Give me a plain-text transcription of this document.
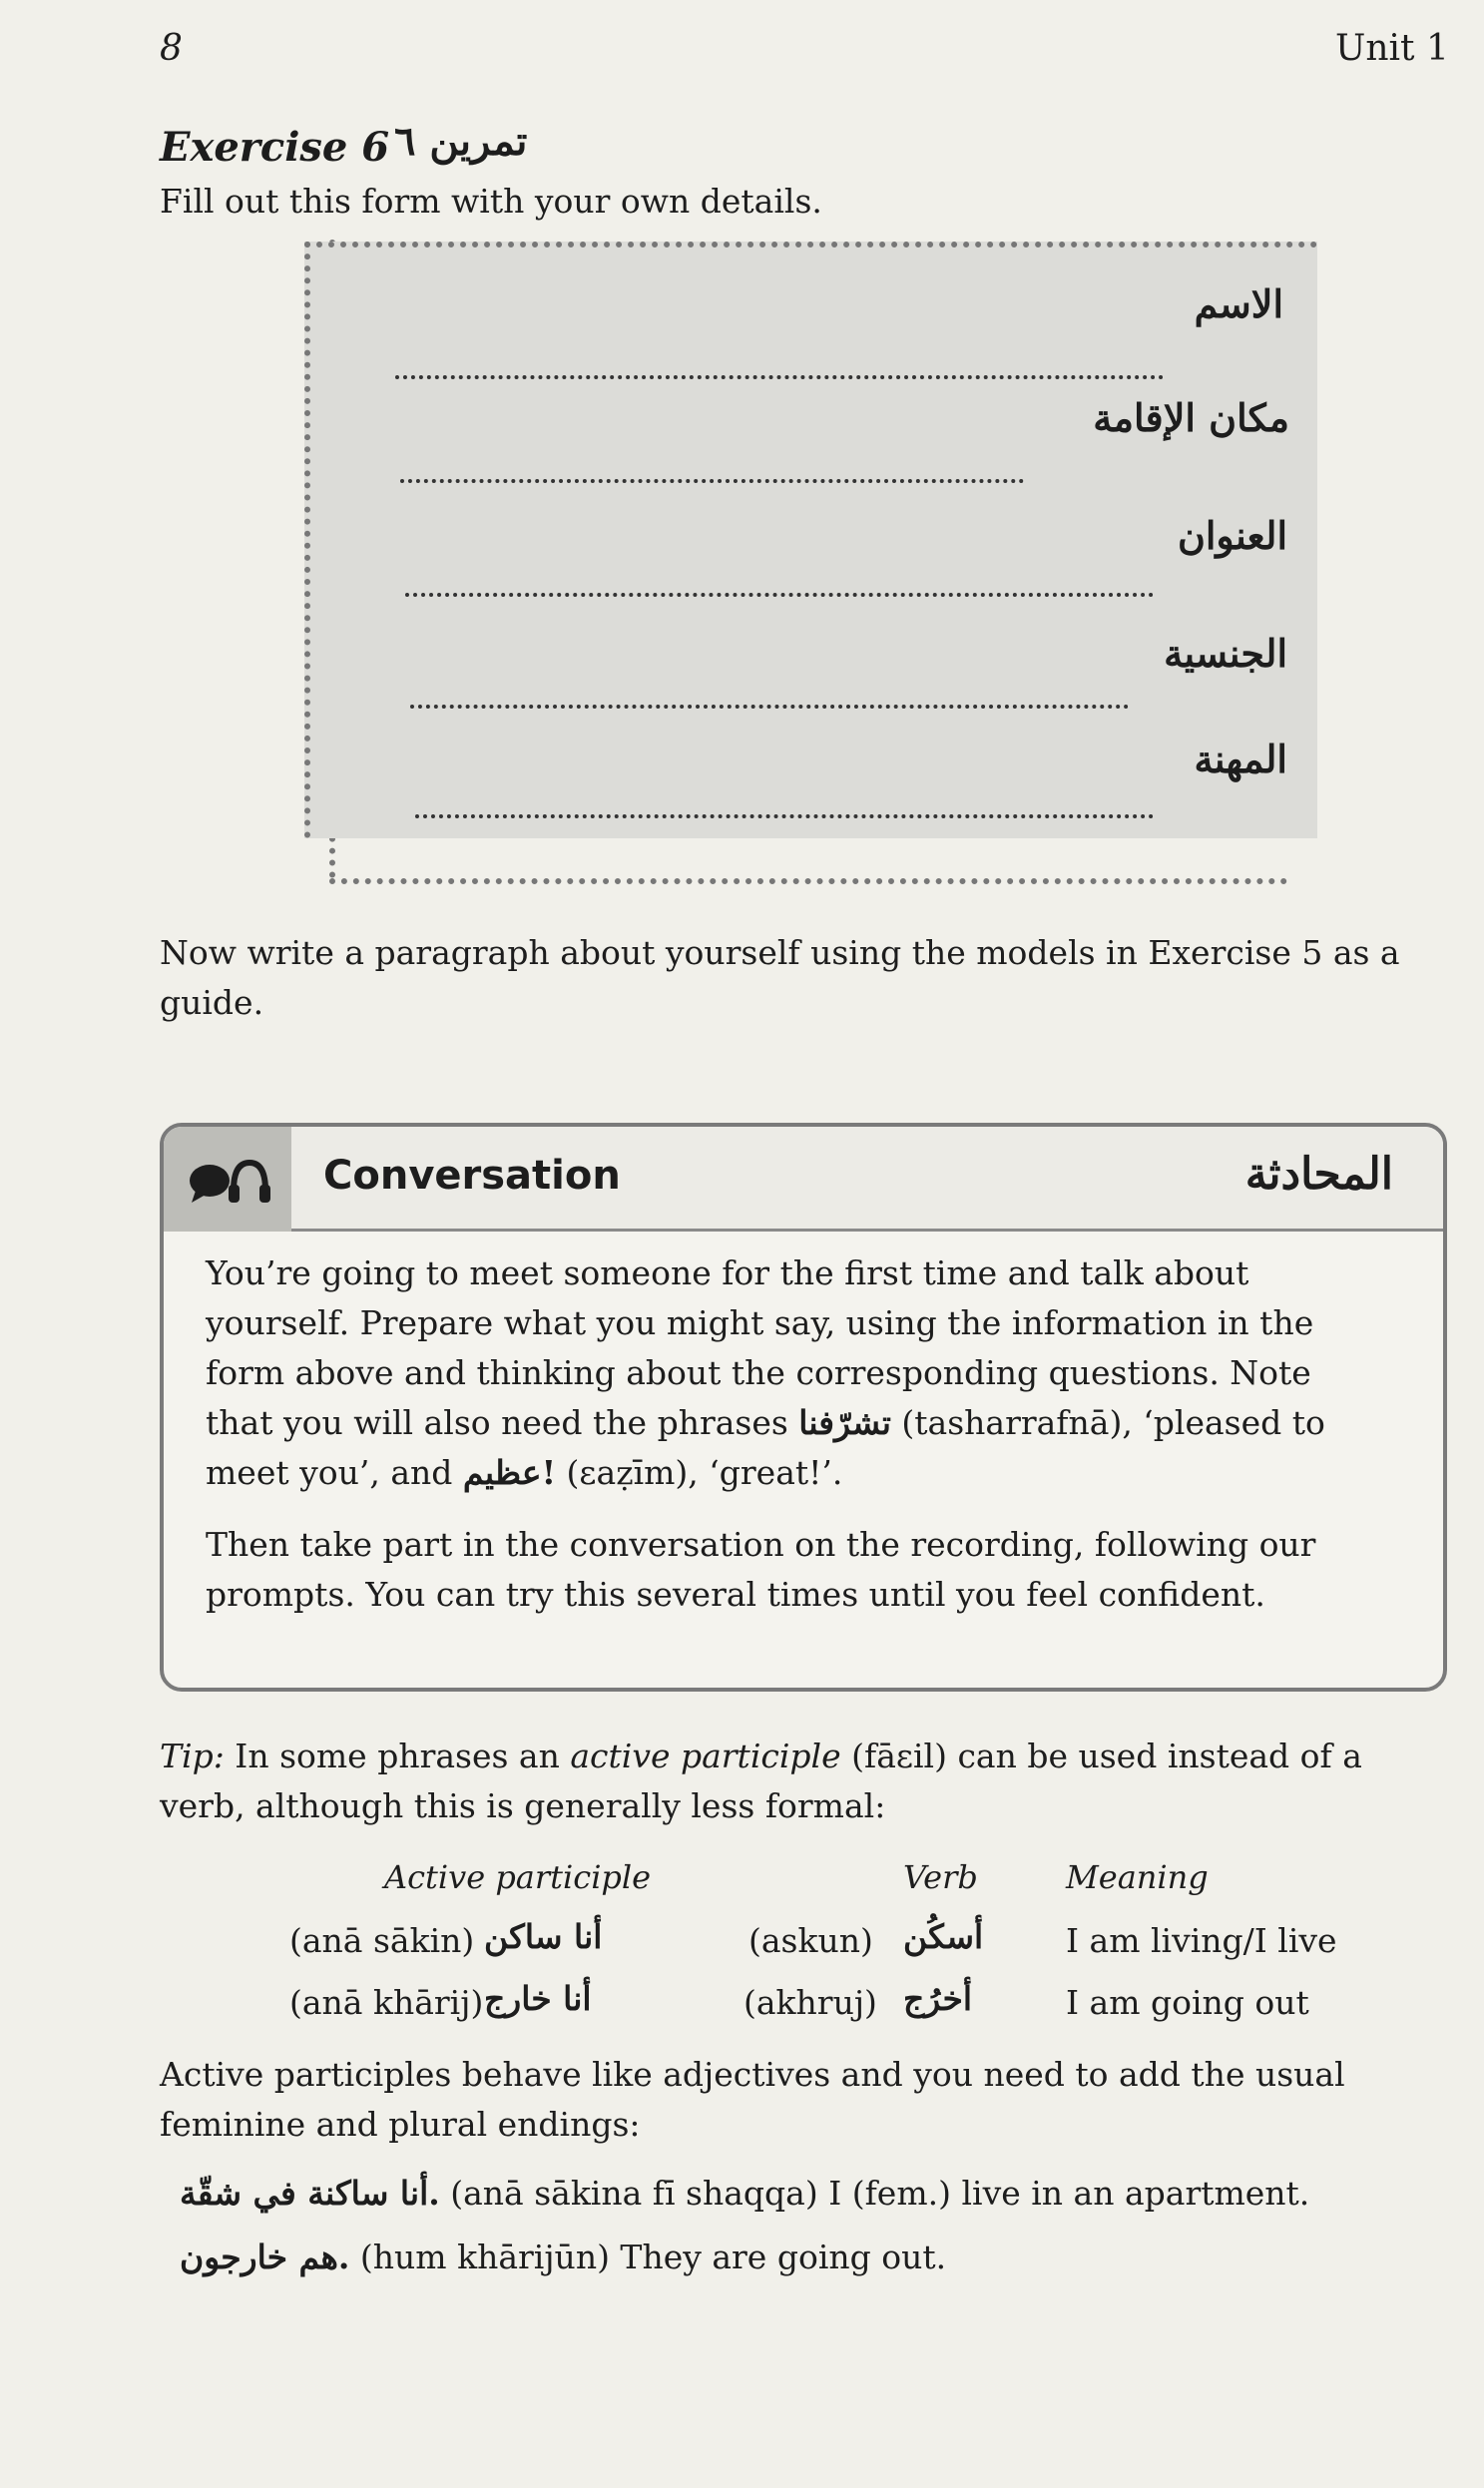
8	Unit 1
Exercise 6 تمرين ٦
Fill out this form with your own details.
الاسم
مكان الإقامة
العنوان
الجنسية
المهنة
Now write a paragraph about yourself using the models in Exercise 5 as a guide.
Conversation	المحادثة
You’re going to meet someone for the first time and talk about
yourself. Prepare what you might say, using the information in the
form above and thinking about the corresponding questions. Note
that you will also need the phrases تشرّفنا (tasharrafnā), ‘pleased to
meet you’, and !عظيم (ɛaẓīm), ‘great!’.
Then take part in the conversation on the recording, following our
prompts. You can try this several times until you feel confident.
Tip: In some phrases an active participle (fāɛil) can be used instead of a
verb, although this is generally less formal:
Active participle	Verb	Meaning
(anā sākin) أنا ساكن	(askun) أسكُن	I am living/I live
(anā khārij) أنا خارج	(akhruj) أخرُج	I am going out
Active participles behave like adjectives and you need to add the usual
feminine and plural endings:
.أنا ساكنة في شقّة (anā sākina fī shaqqa) I (fem.) live in an apartment.
.هم خارجون (hum khārijūn) They are going out.
